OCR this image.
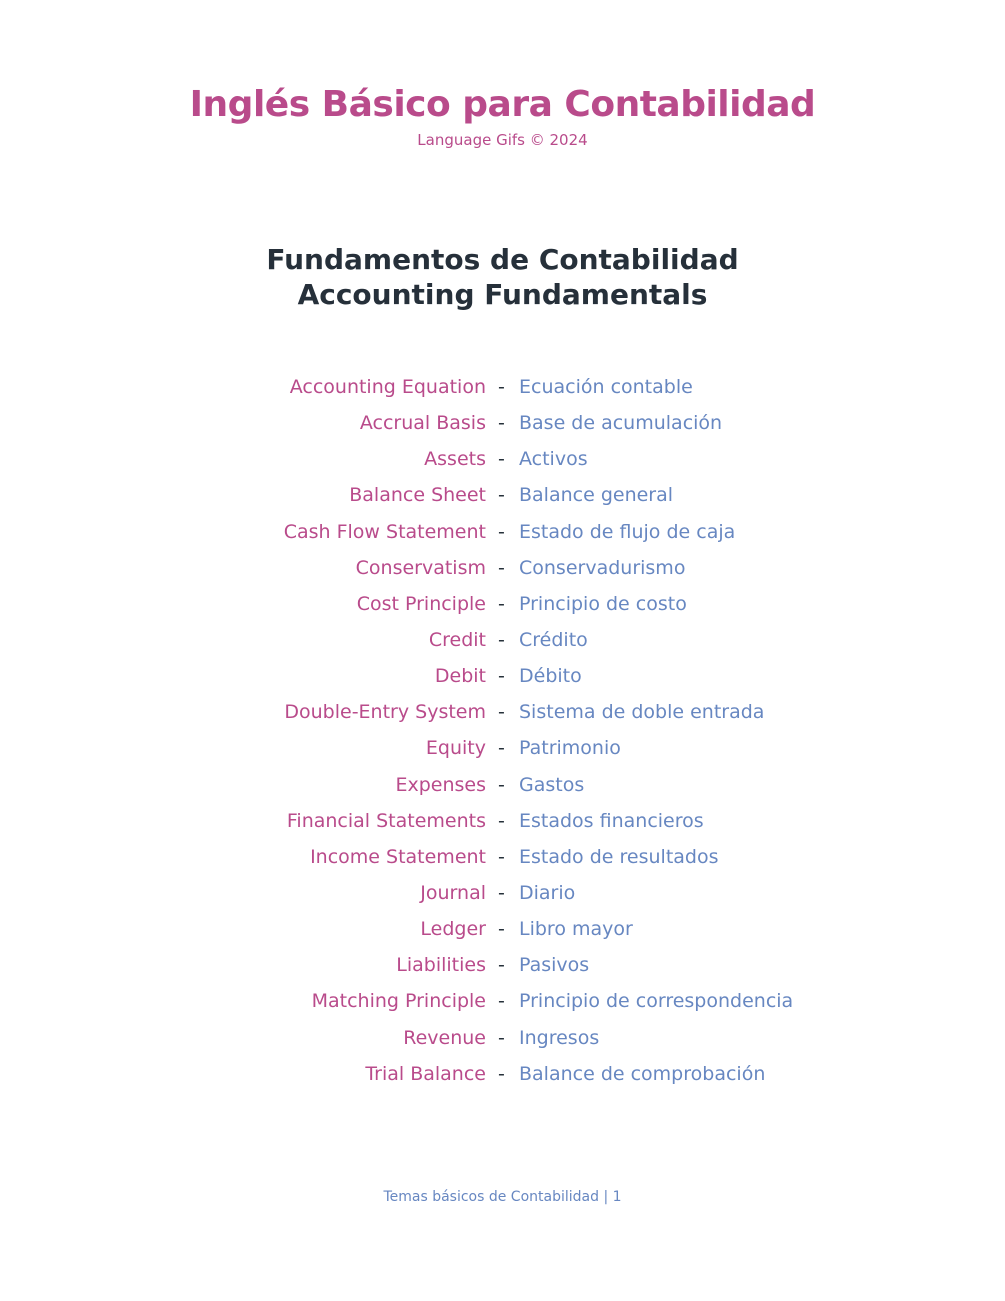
Inglés Básico para Contabilidad
Language Gifs © 2024
Fundamentos de Contabilidad
Accounting Fundamentals
Accounting Equation - Ecuación contable
Accrual Basis - Base de acumulación
Assets - Activos
Balance Sheet - Balance general
Cash Flow Statement - Estado de flujo de caja
Conservatism - Conservadurismo
Cost Principle - Principio de costo
Credit - Crédito
Debit - Débito
Double-Entry System - Sistema de doble entrada
Equity - Patrimonio
Expenses - Gastos
Financial Statements - Estados financieros
Income Statement - Estado de resultados
Journal - Diario
Ledger - Libro mayor
Liabilities - Pasivos
Matching Principle - Principio de correspondencia
Revenue - Ingresos
Trial Balance - Balance de comprobación
Temas básicos de Contabilidad | 1
